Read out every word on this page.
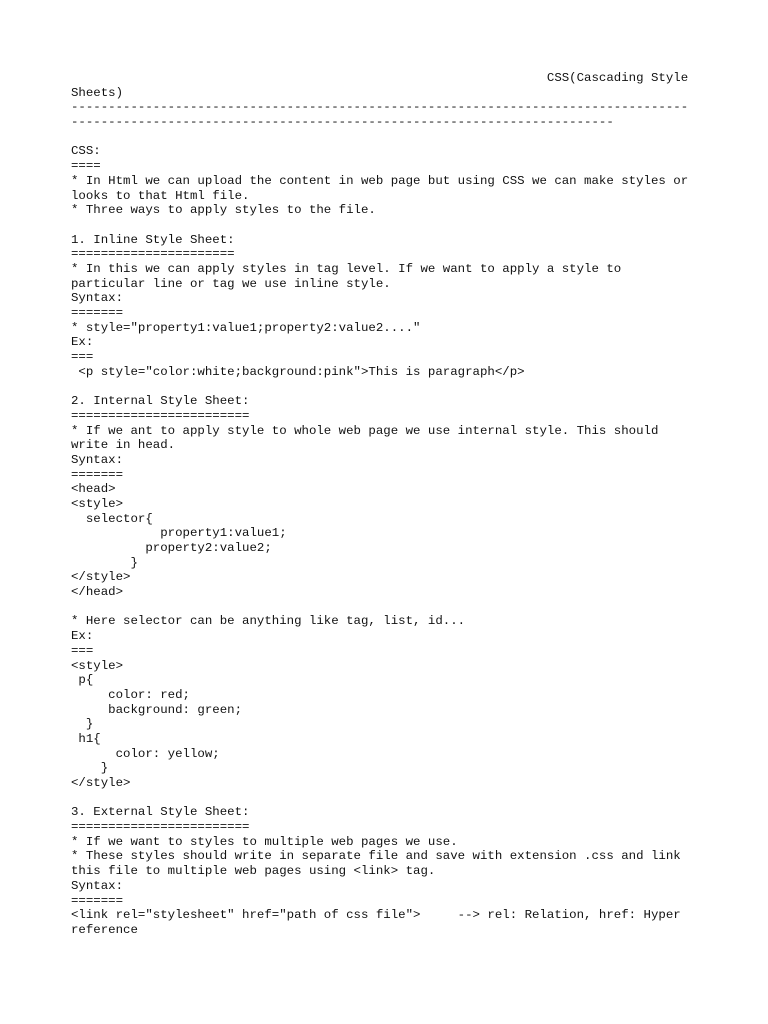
CSS(Cascading Style
Sheets)
-----------------------------------------------------------------------------------
-------------------------------------------------------------------------
CSS:
====
* In Html we can upload the content in web page but using CSS we can make styles or
looks to that Html file.
* Three ways to apply styles to the file.
1. Inline Style Sheet:
======================
* In this we can apply styles in tag level. If we want to apply a style to
particular line or tag we use inline style.
Syntax:
=======
* style="property1:value1;property2:value2...."
Ex:
===
<p style="color:white;background:pink">This is paragraph</p>
2. Internal Style Sheet:
========================
* If we ant to apply style to whole web page we use internal style. This should
write in head.
Syntax:
=======
<head>
<style>
selector{
property1:value1;
property2:value2;
}
</style>
</head>
* Here selector can be anything like tag, list, id...
Ex:
===
<style>
p{
color: red;
background: green;
}
h1{
color: yellow;
}
</style>
3. External Style Sheet:
========================
* If we want to styles to multiple web pages we use.
* These styles should write in separate file and save with extension .css and link
this file to multiple web pages using <link> tag.
Syntax:
=======
<link rel="stylesheet" href="path of css file">     --> rel: Relation, href: Hyper
reference
